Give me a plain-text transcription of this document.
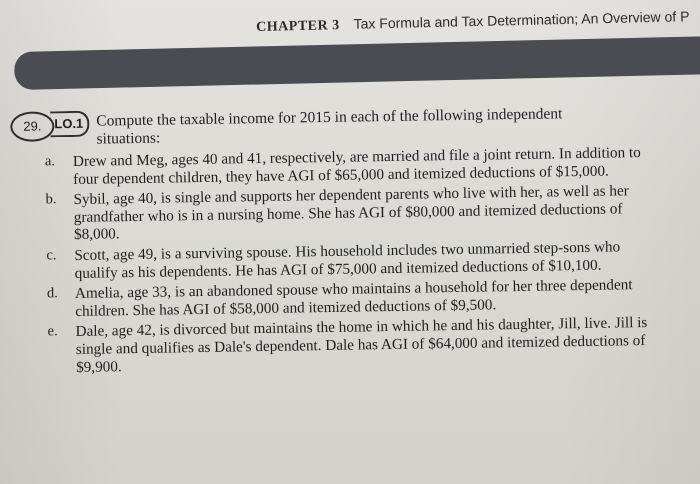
CHAPTER 3 Tax Formula and Tax Determination; An Overview of P
29. LO.1 Compute the taxable income for 2015 in each of the following independent
situations:
a. Drew and Meg, ages 40 and 41, respectively, are married and file a joint return. In addition to four dependent children, they have AGI of $65,000 and itemized deductions of $15,000.
b. Sybil, age 40, is single and supports her dependent parents who live with her, as well as her grandfather who is in a nursing home. She has AGI of $80,000 and itemized deductions of $8,000.
c. Scott, age 49, is a surviving spouse. His household includes two unmarried step-sons who qualify as his dependents. He has AGI of $75,000 and itemized deductions of $10,100.
d. Amelia, age 33, is an abandoned spouse who maintains a household for her three dependent children. She has AGI of $58,000 and itemized deductions of $9,500.
e. Dale, age 42, is divorced but maintains the home in which he and his daughter, Jill, live. Jill is single and qualifies as Dale's dependent. Dale has AGI of $64,000 and itemized deductions of $9,900.
